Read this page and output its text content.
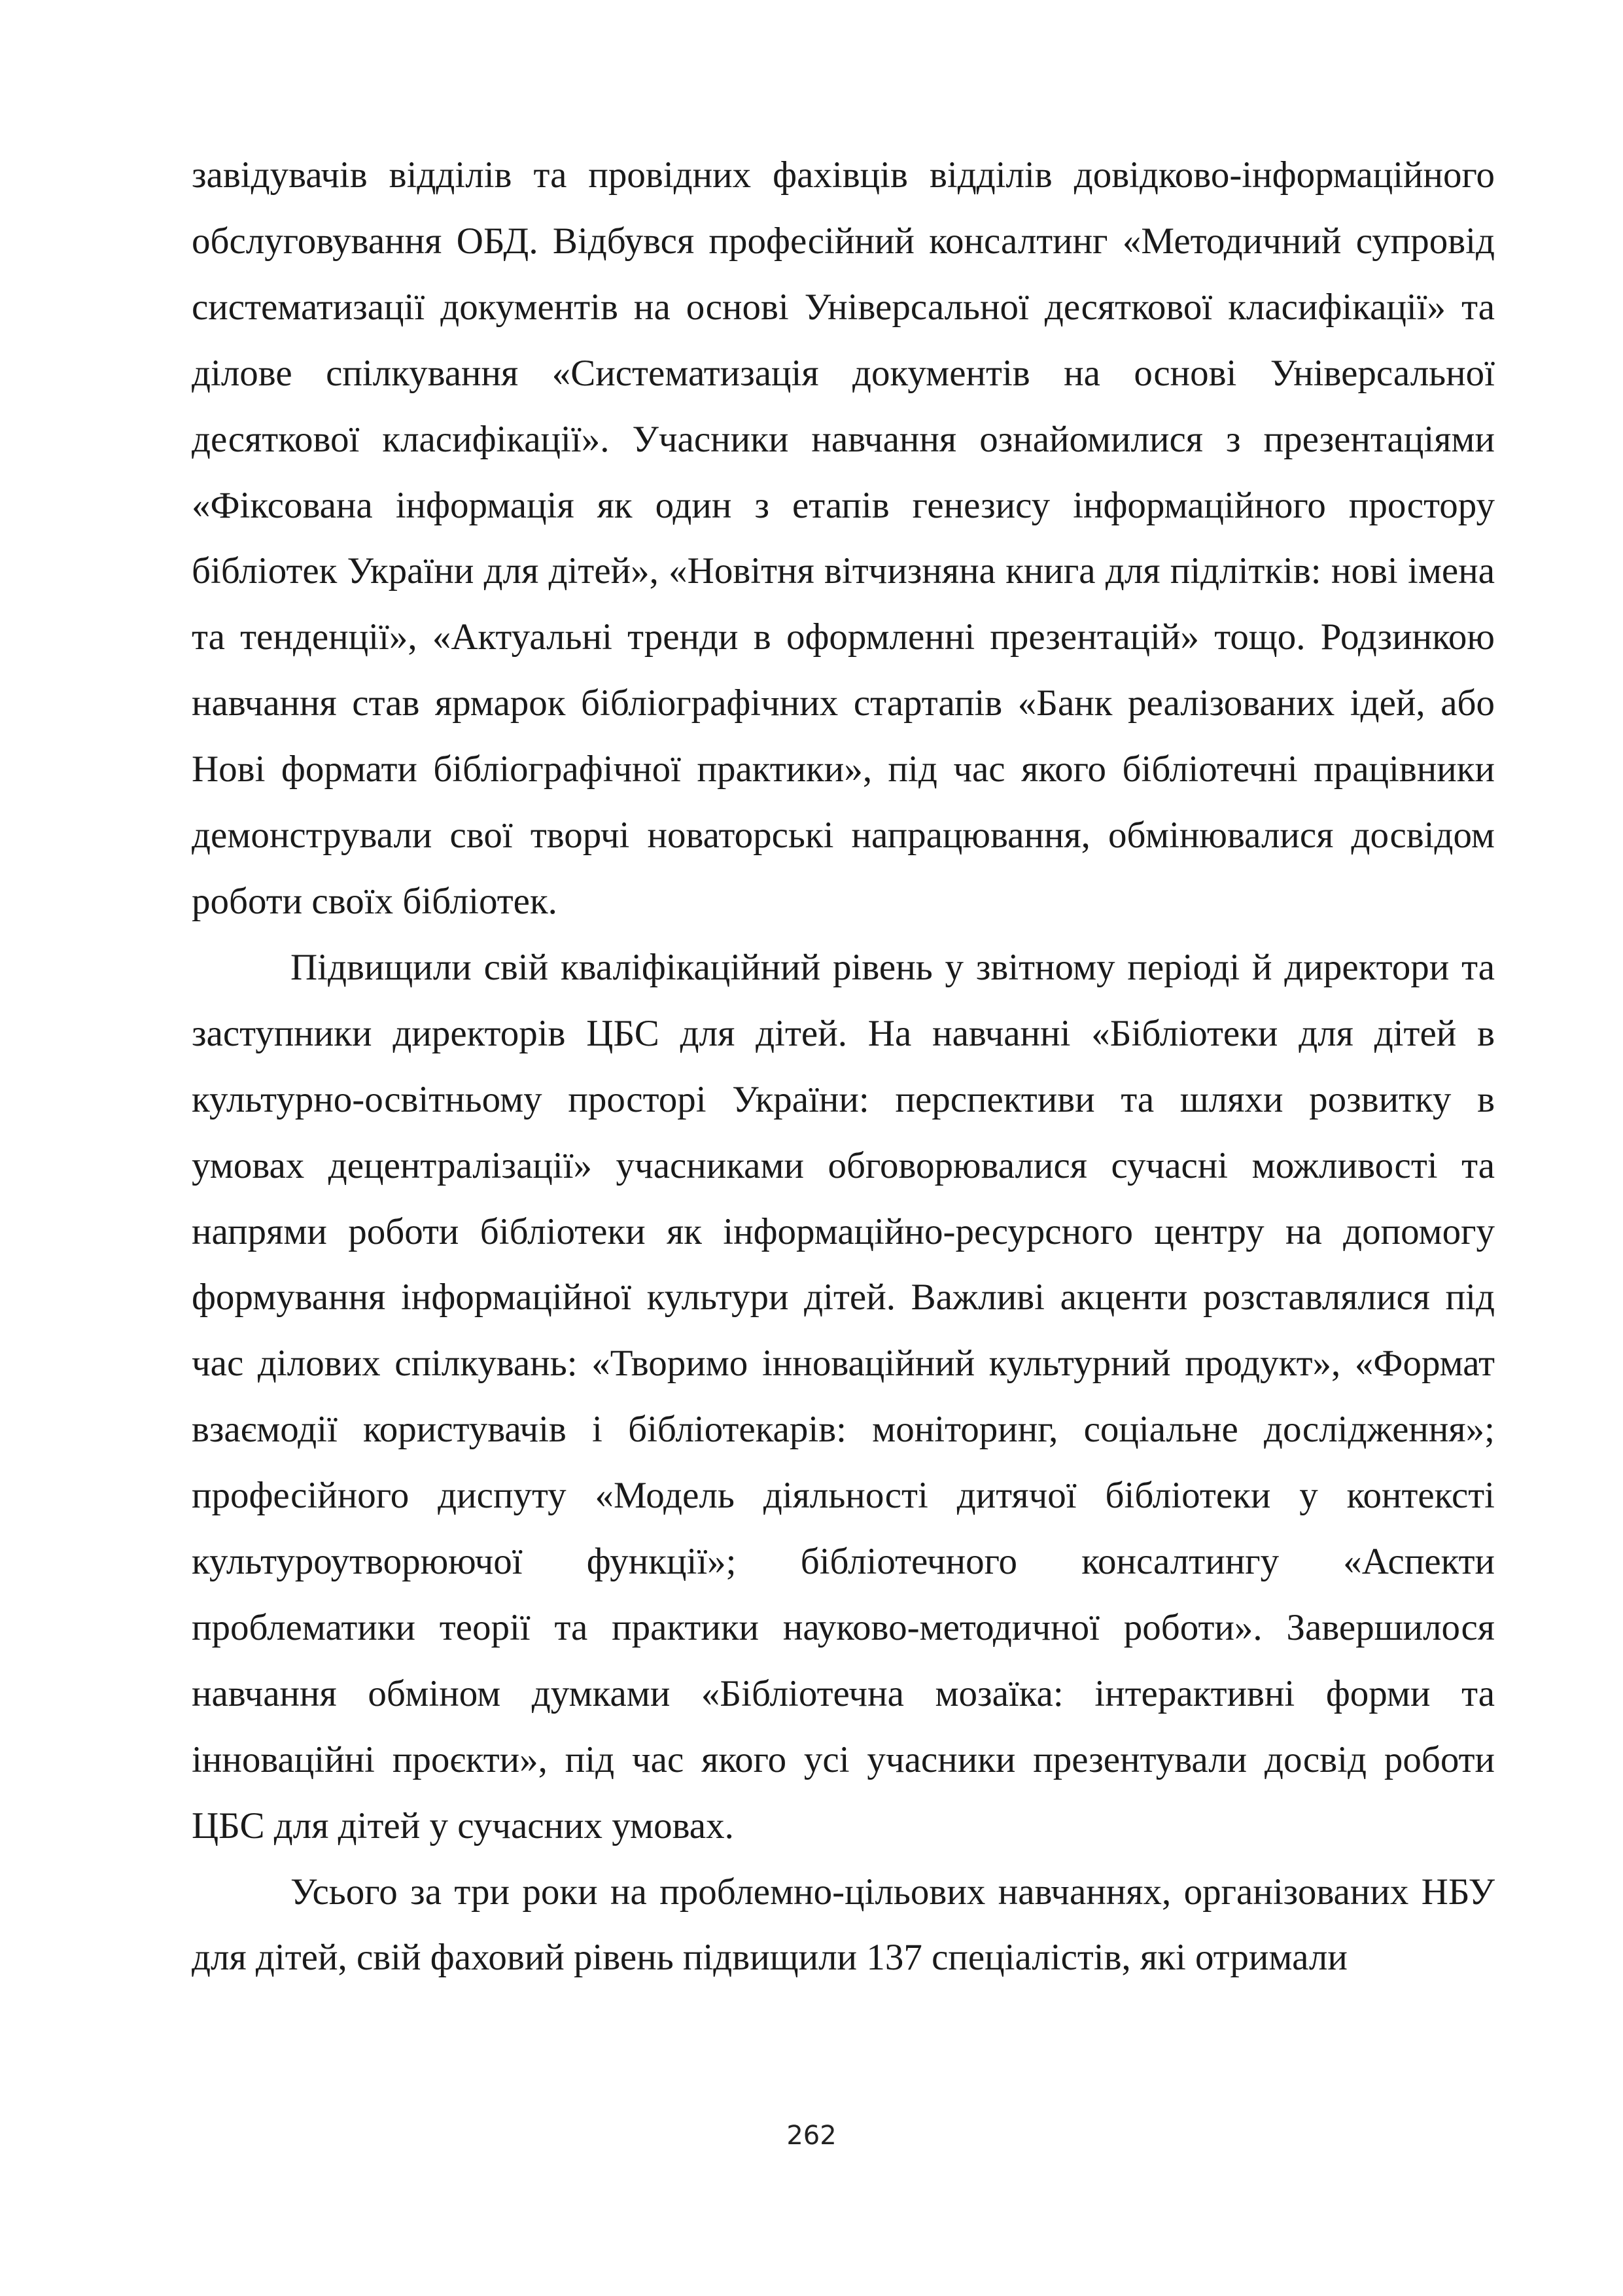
завідувачів відділів та провідних фахівців відділів довідково-інформаційного обслуговування ОБД. Відбувся професійний консалтинг «Методичний супровід систематизації документів на основі Універсальної десяткової класифікації» та ділове спілкування «Систематизація документів на основі Універсальної десяткової класифікації». Учасники навчання ознайомилися з презентаціями «Фіксована інформація як один з етапів генезису інформаційного простору бібліотек України для дітей», «Новітня вітчизняна книга для підлітків: нові імена та тенденції», «Актуальні тренди в оформленні презентацій» тощо. Родзинкою навчання став ярмарок бібліографічних стартапів «Банк реалізованих ідей, або Нові формати бібліографічної практики», під час якого бібліотечні працівники демонстрували свої творчі новаторські напрацювання, обмінювалися досвідом роботи своїх бібліотек.

Підвищили свій кваліфікаційний рівень у звітному періоді й директори та заступники директорів ЦБС для дітей. На навчанні «Бібліотеки для дітей в культурно-освітньому просторі України: перспективи та шляхи розвитку в умовах децентралізації» учасниками обговорювалися сучасні можливості та напрями роботи бібліотеки як інформаційно-ресурсного центру на допомогу формування інформаційної культури дітей. Важливі акценти розставлялися під час ділових спілкувань: «Творимо інноваційний культурний продукт», «Формат взаємодії користувачів і бібліотекарів: моніторинг, соціальне дослідження»; професійного диспуту «Модель діяльності дитячої бібліотеки у контексті культуроутворюючої функції»; бібліотечного консалтингу «Аспекти проблематики теорії та практики науково-методичної роботи». Завершилося навчання обміном думками «Бібліотечна мозаїка: інтерактивні форми та інноваційні проєкти», під час якого усі учасники презентували досвід роботи ЦБС для дітей у сучасних умовах.

Усього за три роки на проблемно-цільових навчаннях, організованих НБУ для дітей, свій фаховий рівень підвищили 137 спеціалістів, які отримали

262
